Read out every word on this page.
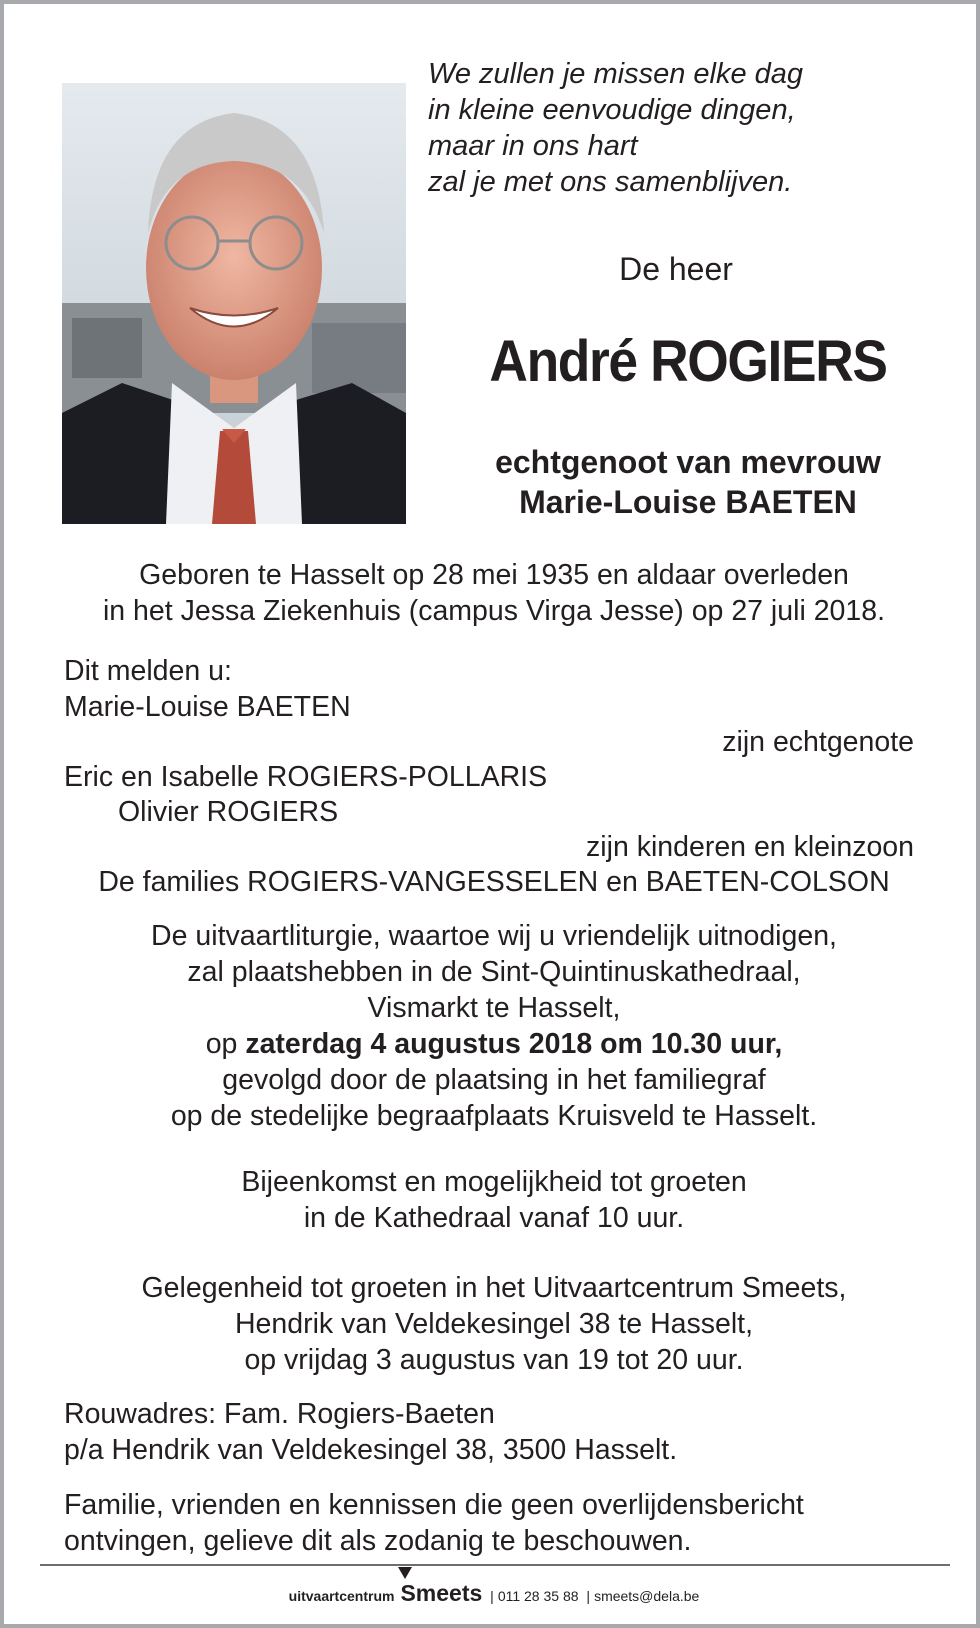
We zullen je missen elke dag
in kleine eenvoudige dingen,
maar in ons hart
zal je met ons samenblijven.
De heer
André ROGIERS
echtgenoot van mevrouw
Marie-Louise BAETEN
Geboren te Hasselt op 28 mei 1935 en aldaar overleden
in het Jessa Ziekenhuis (campus Virga Jesse) op 27 juli 2018.
Dit melden u:
Marie-Louise BAETEN
zijn echtgenote
Eric en Isabelle ROGIERS-POLLARIS
Olivier ROGIERS
zijn kinderen en kleinzoon
De families ROGIERS-VANGESSELEN en BAETEN-COLSON
De uitvaartliturgie, waartoe wij u vriendelijk uitnodigen,
zal plaatshebben in de Sint-Quintinuskathedraal,
Vismarkt te Hasselt,
op zaterdag 4 augustus 2018 om 10.30 uur,
gevolgd door de plaatsing in het familiegraf
op de stedelijke begraafplaats Kruisveld te Hasselt.
Bijeenkomst en mogelijkheid tot groeten
in de Kathedraal vanaf 10 uur.
Gelegenheid tot groeten in het Uitvaartcentrum Smeets,
Hendrik van Veldekesingel 38 te Hasselt,
op vrijdag 3 augustus van 19 tot 20 uur.
Rouwadres: Fam. Rogiers-Baeten
p/a Hendrik van Veldekesingel 38, 3500 Hasselt.
Familie, vrienden en kennissen die geen overlijdensbericht
ontvingen, gelieve dit als zodanig te beschouwen.
uitvaartcentrum Smeets | 011 28 35 88 | smeets@dela.be
